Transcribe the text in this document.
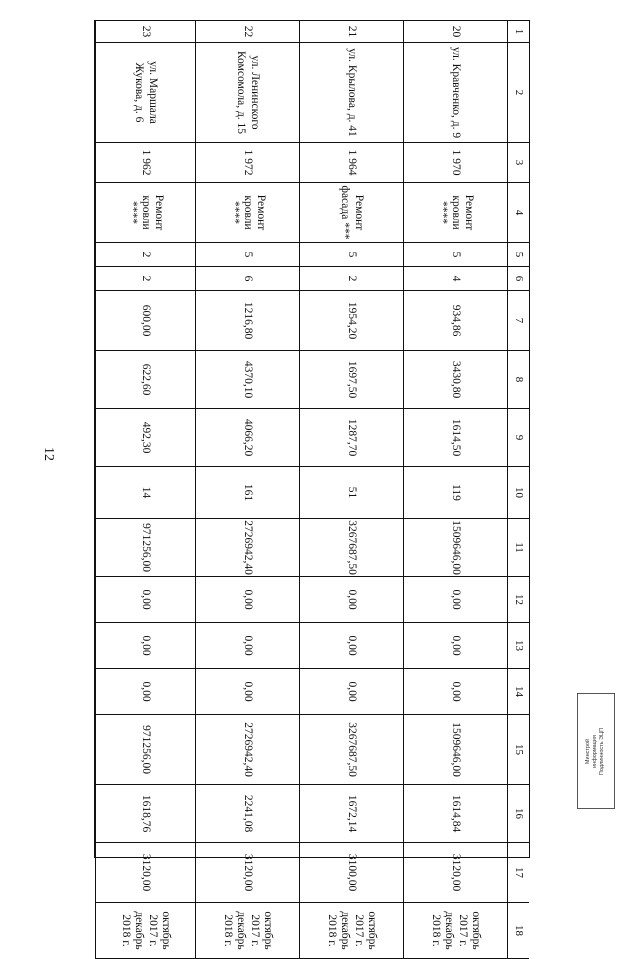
12
1
2
3
4
5
6
7
8
9
10
11
12
13
14
15
16
17
18
20
ул. Кравченко, д. 9
1 970
Ремонт кровли ****
5
4
934,86
3430,80
1614,50
119
1509646,00
0,00
0,00
0,00
1509646,00
1614,84
3120,00
октябрь 2017 г. декабрь 2018 г.
21
ул. Крылова, д. 41
1 964
Ремонт фасада ***
5
2
1954,20
1697,50
1287,70
51
3267687,50
0,00
0,00
0,00
3267687,50
1672,14
3100,00
октябрь 2017 г. декабрь 2018 г.
22
ул. Ленинского Комсомола, д. 15
1 972
Ремонт кровли ****
5
6
1216,80
4370,10
4066,20
161
2726942,40
0,00
0,00
0,00
2726942,40
2241,08
3120,00
октябрь 2017 г. декабрь 2018 г.
23
ул. Маршала Жукова, д. 6
1 962
Ремонт кровли ****
2
2
600,00
622,60
492,30
14
971256,00
0,00
0,00
0,00
971256,00
1618,76
3120,00
октябрь 2017 г. декабрь 2018 г.
Минстрой информация Подлинность ЭЦП
